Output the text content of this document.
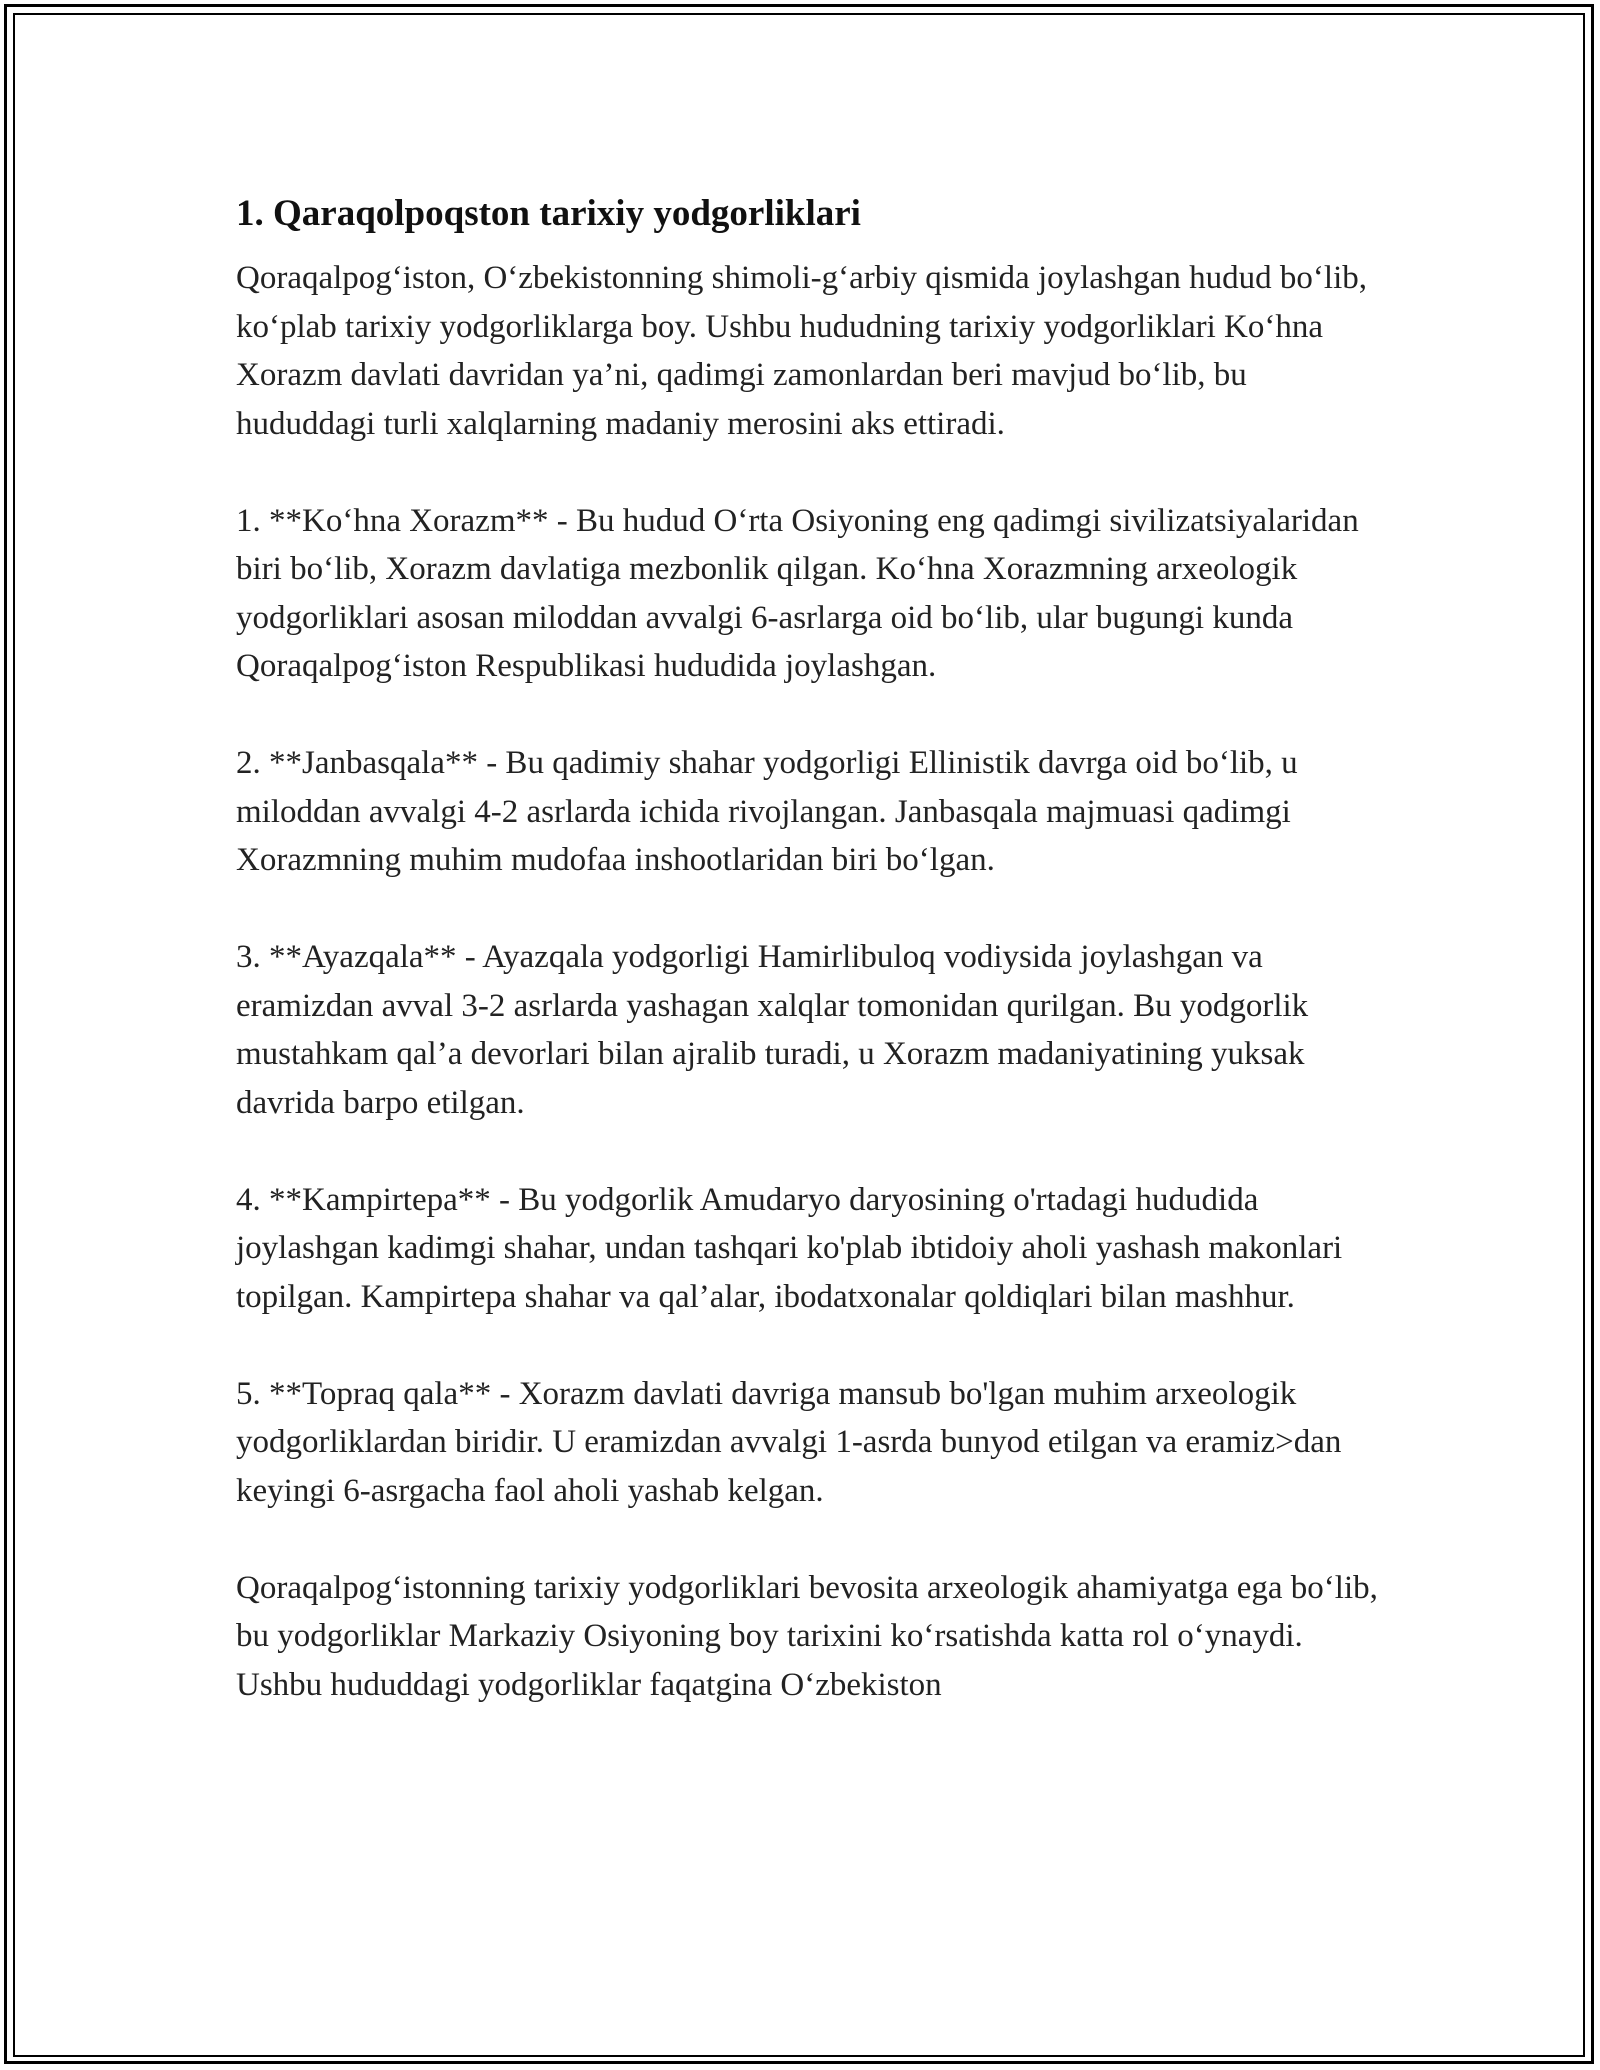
1. Qaraqolpoqston tarixiy yodgorliklari

Qoraqalpog‘iston, O‘zbekistonning shimoli-g‘arbiy qismida joylashgan hudud bo‘lib, ko‘plab tarixiy yodgorliklarga boy. Ushbu hududning tarixiy yodgorliklari Ko‘hna Xorazm davlati davridan ya’ni, qadimgi zamonlardan beri mavjud bo‘lib, bu hududdagi turli xalqlarning madaniy merosini aks ettiradi.

1. **Ko‘hna Xorazm** - Bu hudud O‘rta Osiyoning eng qadimgi sivilizatsiyalaridan biri bo‘lib, Xorazm davlatiga mezbonlik qilgan. Ko‘hna Xorazmning arxeologik yodgorliklari asosan miloddan avvalgi 6-asrlarga oid bo‘lib, ular bugungi kunda Qoraqalpog‘iston Respublikasi hududida joylashgan.

2. **Janbasqala** - Bu qadimiy shahar yodgorligi Ellinistik davrga oid bo‘lib, u miloddan avvalgi 4-2 asrlarda ichida rivojlangan. Janbasqala majmuasi qadimgi Xorazmning muhim mudofaa inshootlaridan biri bo‘lgan.

3. **Ayazqala** - Ayazqala yodgorligi Hamirlibuloq vodiysida joylashgan va eramizdan avval 3-2 asrlarda yashagan xalqlar tomonidan qurilgan. Bu yodgorlik mustahkam qal’a devorlari bilan ajralib turadi, u Xorazm madaniyatining yuksak davrida barpo etilgan.

4. **Kampirtepa** - Bu yodgorlik Amudaryo daryosining o'rtadagi hududida joylashgan kadimgi shahar, undan tashqari ko'plab ibtidoiy aholi yashash makonlari topilgan. Kampirtepa shahar va qal’alar, ibodatxonalar qoldiqlari bilan mashhur.

5. **Topraq qala** - Xorazm davlati davriga mansub bo'lgan muhim arxeologik yodgorliklardan biridir. U eramizdan avvalgi 1-asrda bunyod etilgan va eramiz>dan keyingi 6-asrgacha faol aholi yashab kelgan.

Qoraqalpog‘istonning tarixiy yodgorliklari bevosita arxeologik ahamiyatga ega bo‘lib, bu yodgorliklar Markaziy Osiyoning boy tarixini ko‘rsatishda katta rol o‘ynaydi. Ushbu hududdagi yodgorliklar faqatgina O‘zbekiston
